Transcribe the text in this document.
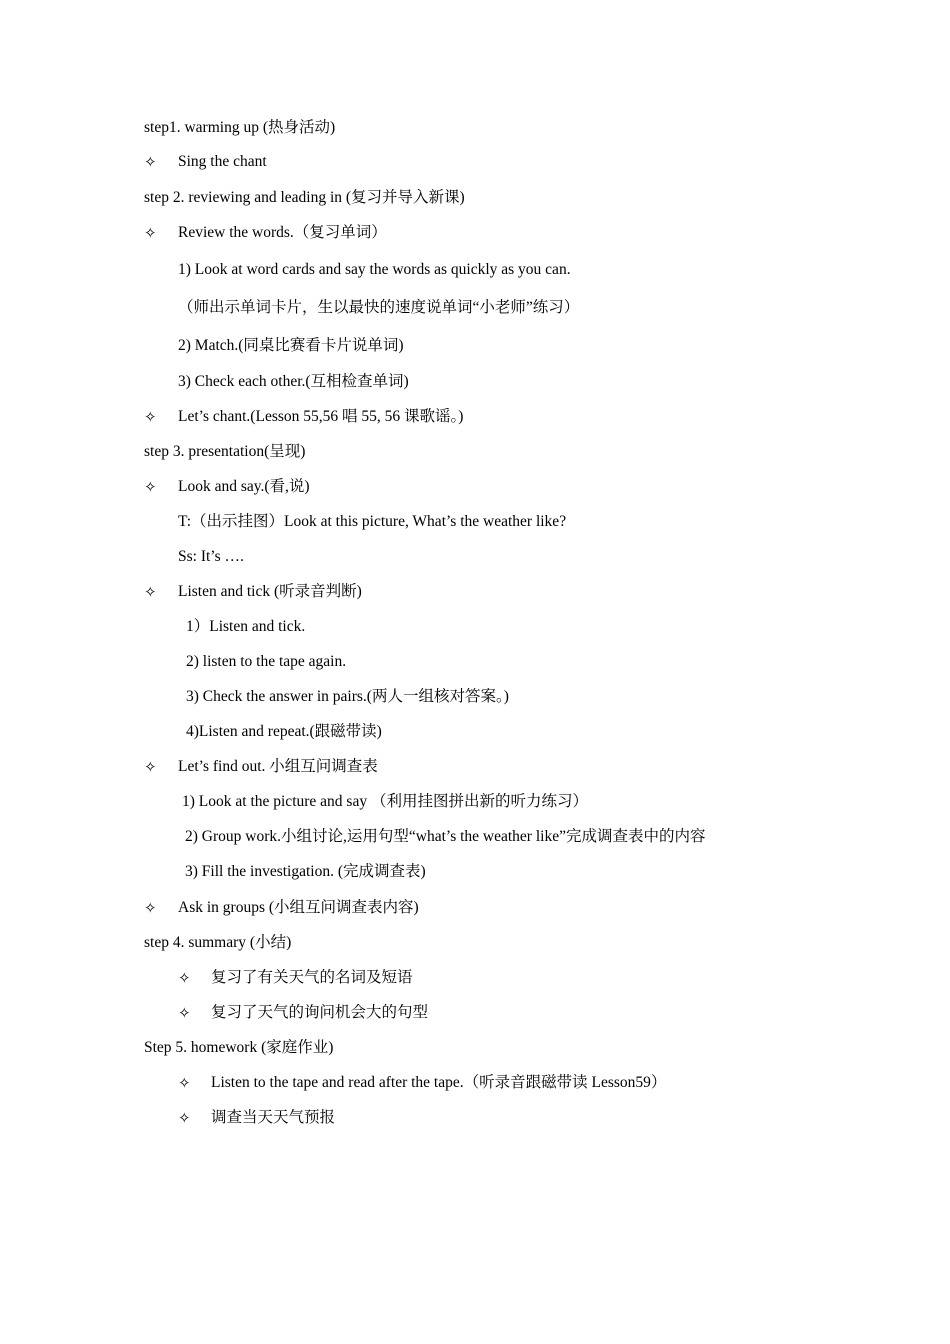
step1. warming up (热身活动)
✧ Sing the chant
step 2. reviewing and leading in (复习并导入新课)
✧ Review the words.（复习单词）
1) Look at word cards and say the words as quickly as you can.
（师出示单词卡片，生以最快的速度说单词“小老师”练习）
2) Match.(同桌比赛看卡片说单词)
3) Check each other.(互相检查单词)
✧ Let’s chant.(Lesson 55,56 唱 55, 56 课歌谣。)
step 3. presentation(呈现)
✧ Look and say.(看,说)
T:（出示挂图）Look at this picture, What’s the weather like?
Ss: It’s ….
✧ Listen and tick (听录音判断)
1）Listen and tick.
2) listen to the tape again.
3) Check the answer in pairs.(两人一组核对答案。)
4)Listen and repeat.(跟磁带读)
✧ Let’s find out. 小组互问调查表
1) Look at the picture and say （利用挂图拼出新的听力练习）
2) Group work.小组讨论,运用句型“what’s the weather like”完成调查表中的内容
3) Fill the investigation. (完成调查表)
✧ Ask in groups (小组互问调查表内容)
step 4. summary (小结)
✧ 复习了有关天气的名词及短语
✧ 复习了天气的询问机会大的句型
Step 5. homework (家庭作业)
✧ Listen to the tape and read after the tape.（听录音跟磁带读 Lesson59）
✧ 调查当天天气预报
